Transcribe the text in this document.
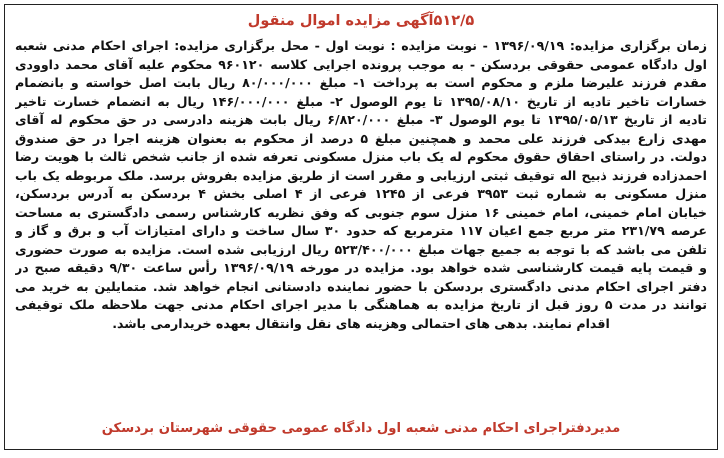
۵۱۲/۵آگهی مزایده اموال منقول
زمان برگزاری مزایده: ۱۳۹۶/۰۹/۱۹ - نوبت مزایده : نوبت اول - محل برگزاری مزایده: اجرای احکام مدنی شعبه
اول دادگاه عمومی حقوقی بردسکن - به موجب پرونده اجرایی کلاسه ۹۶۰۱۲۰ محکوم علیه آقای محمد داوودی
مقدم فرزند علیرضا ملزم و محکوم است به پرداخت ۱- مبلغ ۸۰/۰۰۰/۰۰۰ ریال بابت اصل خواسته و بانضمام
خسارات تاخیر تادیه از تاریخ ۱۳۹۵/۰۸/۱۰ تا یوم الوصول ۲- مبلغ ۱۴۶/۰۰۰/۰۰۰ ریال به انضمام خسارت تاخیر
تادیه از تاریخ ۱۳۹۵/۰۵/۱۳ تا یوم الوصول ۳- مبلغ ۶/۸۲۰/۰۰۰ ریال بابت هزینه دادرسی در حق محکوم له آقای
مهدی زارع بیدکی فرزند علی محمد و همچنین مبلغ ۵ درصد از محکوم به بعنوان هزینه اجرا در حق صندوق
دولت. در راستای احقاق حقوق محکوم له یک باب منزل مسکونی تعرفه شده از جانب شخص ثالث با هویت رضا
احمدزاده فرزند ذبیح اله توقیف ثبتی ارزیابی و مقرر است از طریق مزایده بفروش برسد. ملک مربوطه یک باب
منزل مسکونی به شماره ثبت ۳۹۵۳ فرعی از ۱۲۴۵ فرعی از ۴ اصلی بخش ۴ بردسکن به آدرس بردسکن،
خیابان امام خمینی، امام خمینی ۱۶ منزل سوم جنوبی که وفق نظریه کارشناس رسمی دادگستری به مساحت
عرصه ۲۳۱/۷۹ متر مربع جمع اعیان ۱۱۷ مترمربع که حدود ۳۰ سال ساخت و دارای امتیازات آب و برق و گاز و
تلفن می باشد که با توجه به جمیع جهات مبلغ ۵۲۳/۴۰۰/۰۰۰ ریال ارزیابی شده است. مزایده به صورت حضوری
و قیمت پایه قیمت کارشناسی شده خواهد بود. مزایده در مورخه ۱۳۹۶/۰۹/۱۹ رأس ساعت ۹/۳۰ دقیقه صبح در
دفتر اجرای احکام مدنی دادگستری بردسکن با حضور نماینده دادستانی انجام خواهد شد. متمایلین به خرید می
توانند در مدت ۵ روز قبل از تاریخ مزایده به هماهنگی با مدیر اجرای احکام مدنی جهت ملاحظه ملک توقیفی
اقدام نمایند. بدهی های احتمالی وهزینه های نقل وانتقال بعهده خریدارمی باشد.
مدیردفتراجرای احکام مدنی شعبه اول دادگاه عمومی حقوقی شهرستان بردسکن
